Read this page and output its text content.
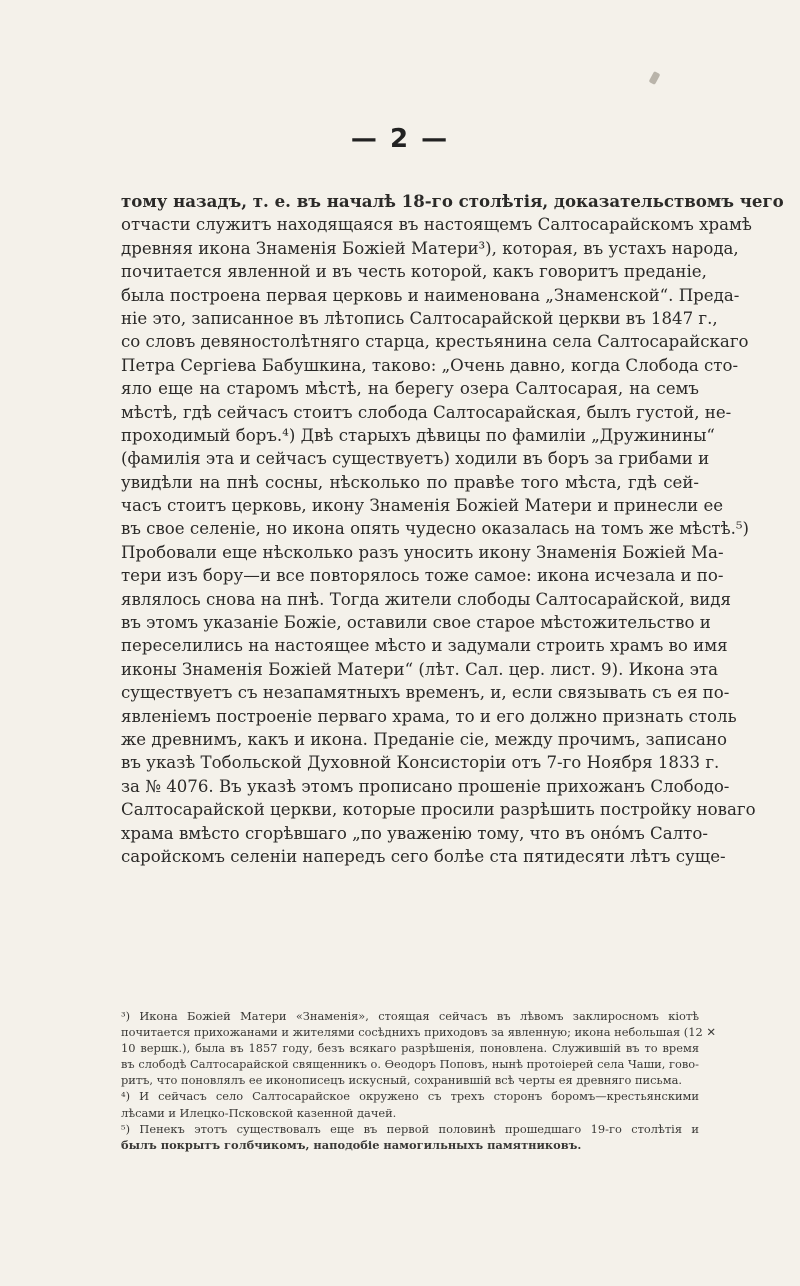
— 2 —
тому назадъ, т. е. въ началѣ 18-го столѣтія, доказательствомъ чего
отчасти служитъ находящаяся въ настоящемъ Салтосарайскомъ храмѣ
древняя икона Знаменія Божіей Матери³), которая, въ устахъ народа,
почитается явленной и въ честь которой, какъ говоритъ преданіе,
была построена первая церковь и наименована „Знаменской“. Преда-
ніе это, записанное въ лѣтопись Салтосарайской церкви въ 1847 г.,
со словъ девяностолѣтняго старца, крестьянина села Салтосарайскаго
Петра Сергіева Бабушкина, таково: „Очень давно, когда Слобода сто-
яло еще на старомъ мѣстѣ, на берегу озера Салтосарая, на семъ
мѣстѣ, гдѣ сейчасъ стоитъ слобода Салтосарайская, былъ густой, не-
проходимый боръ.⁴) Двѣ старыхъ дѣвицы по фамиліи „Дружинины“
(фамилія эта и сейчасъ существуетъ) ходили въ боръ за грибами и
увидѣли на пнѣ сосны, нѣсколько по правѣе того мѣста, гдѣ сей-
часъ стоитъ церковь, икону Знаменія Божіей Матери и принесли ее
въ свое селеніе, но икона опять чудесно оказалась на томъ же мѣстѣ.⁵)
Пробовали еще нѣсколько разъ уносить икону Знаменія Божіей Ма-
тери изъ бору—и все повторялось тоже самое: икона исчезала и по-
являлось снова на пнѣ. Тогда жители слободы Салтосарайской, видя
въ этомъ указаніе Божіе, оставили свое старое мѣстожительство и
переселились на настоящее мѣсто и задумали строить храмъ во имя
иконы Знаменія Божіей Матери“ (лѣт. Сал. цер. лист. 9). Икона эта
существуетъ съ незапамятныхъ временъ, и, если связывать съ ея по-
явленіемъ построеніе перваго храма, то и его должно признать столь
же древнимъ, какъ и икона. Преданіе сіе, между прочимъ, записано
въ указѣ Тобольской Духовной Консисторіи отъ 7-го Ноября 1833 г.
за № 4076. Въ указѣ этомъ прописано прошеніе прихожанъ Слободо-
Салтосарайской церкви, которые просили разрѣшить постройку новаго
храма вмѣсто сгорѣвшаго „по уваженію тому, что въ оно́мъ Салто-
саройскомъ селеніи напередъ сего болѣе ста пятидесяти лѣтъ суще-
³) Икона Божіей Матери «Знаменія», стоящая сейчасъ въ лѣвомъ заклиросномъ кіотѣ
почитается прихожанами и жителями сосѣднихъ приходовъ за явленную; икона небольшая (12 ✕
10 вершк.), была въ 1857 году, безъ всякаго разрѣшенія, поновлена. Служившій въ то время
въ слободѣ Салтосарайской священникъ о. Ѳеодоръ Поповъ, нынѣ протоіерей села Чаши, гово-
ритъ, что поновлялъ ее иконописецъ искусный, сохранившій всѣ черты ея древняго письма.
⁴) И сейчасъ село Салтосарайское окружено съ трехъ сторонъ боромъ—крестьянскими
лѣсами и Илецко-Псковской казенной дачей.
⁵) Пенекъ этотъ существовалъ еще въ первой половинѣ прошедшаго 19-го столѣтія и
былъ покрытъ голбчикомъ, наподобіе намогильныхъ памятниковъ.
